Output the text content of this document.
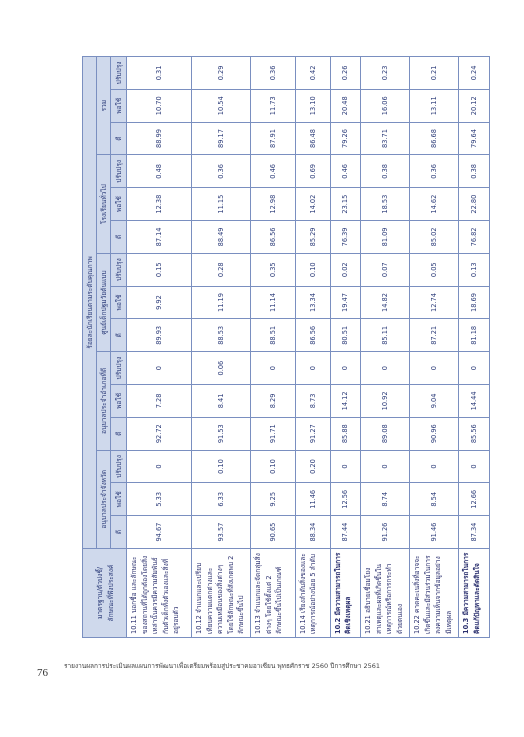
76
รายงานผลการประเมินผลแผนการพัฒนาเพื่อเตรียมพร้อมสู่ประชาคมอาเซียน พุทธศักราช 2560 ปีการศึกษา 2561
มาตรฐาน/ตัวบ่งชี้/
ลักษณะที่พึงประสงค์	ร้อยละนักเรียนตามระดับคุณภาพ														
	อนุบาลประจำจังหวัด			อนุบาลประจำอำเภอที่ดี			ศูนย์เด็กปฐมวัยต้นแบบ			โรงเรียนทั่วไป			รวม		
	ดี	พอใช้	ปรับปรุง	ดี	พอใช้	ปรับปรุง	ดี	พอใช้	ปรับปรุง	ดี	พอใช้	ปรับปรุง	ดี	พอใช้	ปรับปรุง
10.11 บอกชื่อ และลักษณะของสถานที่ได้ถูกต้องโดยสิ่งเหล่านั้นควรมีความสัมพันธ์กับตัวเด็กทั้งตัวเองและสิ่งที่อยู่รอบตัว	94.67	5.33	0	92.72	7.28	0	89.93	9.92	0.15	87.14	12.38	0.48	88.99	10.70	0.31
10.12 จำแนกและเปรียบเทียบความแตกต่างและความเหมือนของสิ่งต่างๆ โดยใช้ลักษณะที่สังเกตพบ 2 ลักษณะขึ้นไป	93.57	6.33	0.10	91.53	8.41	0.06	88.53	11.19	0.28	88.49	11.15	0.36	89.17	10.54	0.29
10.13 จำแนกและจัดกลุ่มสิ่งต่างๆ โดยใช้ตั้งแต่ 2 ลักษณะขึ้นไปเป็นเกณฑ์	90.65	9.25	0.10	91.71	8.29	0	88.51	11.14	0.35	86.56	12.98	0.46	87.91	11.73	0.36
10.14 เรียงลำดับสิ่งของและเหตุการณ์อย่างน้อย 5 ลำดับ	88.34	11.46	0.20	91.27	8.73	0	86.56	13.34	0.10	85.29	14.02	0.69	86.48	13.10	0.42
10.2 มีความสามารถในการคิดเชิงเหตุผล	87.44	12.56	0	85.88	14.12	0	80.51	19.47	0.02	76.39	23.15	0.46	79.26	20.48	0.26
10.21 อธิบายเชื่อมโยงสาเหตุและผลที่เกิดขึ้นในเหตุการณ์หรือการกระทำด้วยตนเอง	91.26	8.74	0	89.08	10.92	0	85.11	14.82	0.07	81.09	18.53	0.38	83.71	16.06	0.23
10.22 คาดคะเนสิ่งที่อาจจะเกิดขึ้นและมีส่วนร่วมในการลงความเห็นจากข้อมูลอย่างมีเหตุผล	91.46	8.54	0	90.96	9.04	0	87.21	12.74	0.05	85.02	14.62	0.36	86.68	13.11	0.21
10.3 มีความสามารถในการคิดแก้ปัญหาและตัดสินใจ	87.34	12.66	0	85.56	14.44	0	81.18	18.69	0.13	76.82	22.80	0.38	79.64	20.12	0.24
